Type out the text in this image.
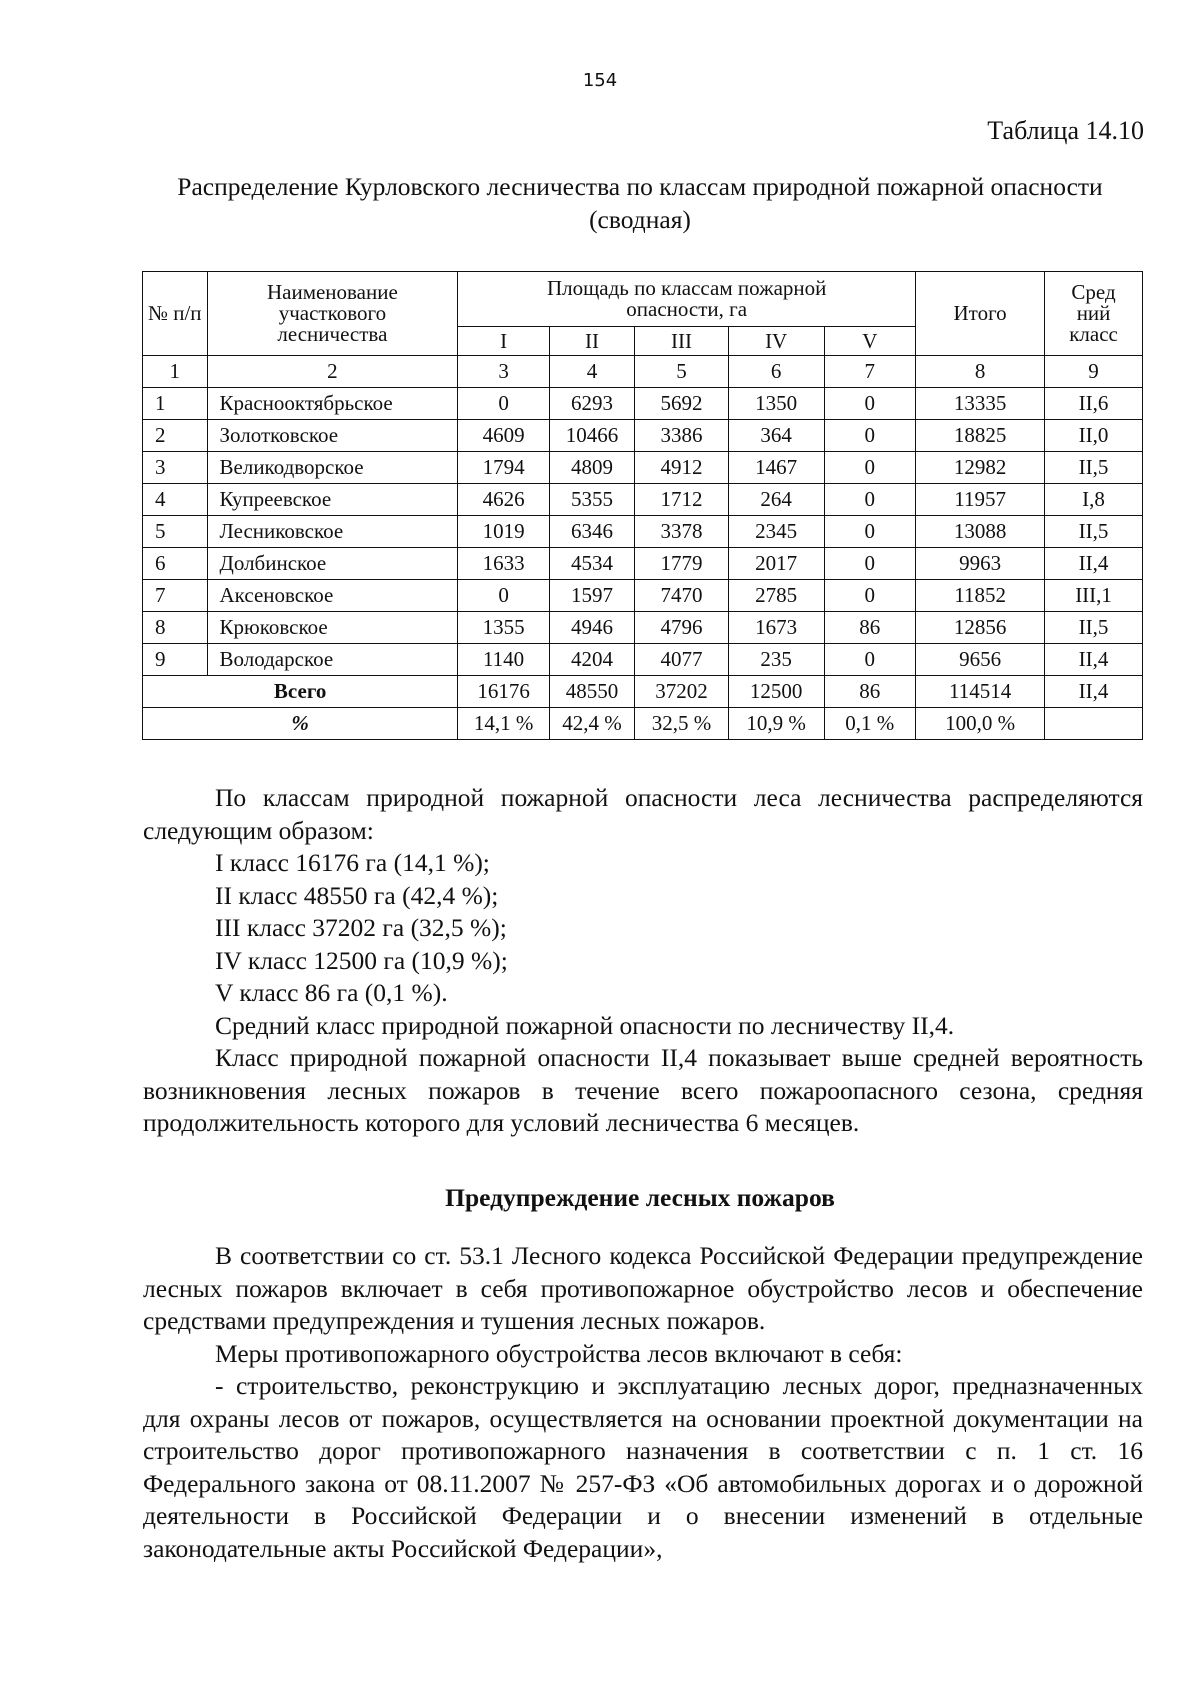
154
Таблица 14.10
Распределение Курловского лесничества по классам природной пожарной опасности (сводная)
№ п/п	Наименование участкового лесничества	Площадь по классам пожарной опасности, га					Итого	Сред ний класс
		I	II	III	IV	V		
1	2	3	4	5	6	7	8	9
1	Краснооктябрьское	0	6293	5692	1350	0	13335	II,6
2	Золотковское	4609	10466	3386	364	0	18825	II,0
3	Великодворское	1794	4809	4912	1467	0	12982	II,5
4	Купреевское	4626	5355	1712	264	0	11957	I,8
5	Лесниковское	1019	6346	3378	2345	0	13088	II,5
6	Долбинское	1633	4534	1779	2017	0	9963	II,4
7	Аксеновское	0	1597	7470	2785	0	11852	III,1
8	Крюковское	1355	4946	4796	1673	86	12856	II,5
9	Володарское	1140	4204	4077	235	0	9656	II,4
Всего		16176	48550	37202	12500	86	114514	II,4
%		14,1 %	42,4 %	32,5 %	10,9 %	0,1 %	100,0 %	

По классам природной пожарной опасности леса лесничества распределяются следующим образом:

I класс 16176 га (14,1 %);

II класс 48550 га (42,4 %);

III класс 37202 га (32,5 %);

IV класс 12500 га (10,9 %);

V класс 86 га (0,1 %).

Средний класс природной пожарной опасности по лесничеству II,4.

Класс природной пожарной опасности II,4 показывает выше средней вероятность возникновения лесных пожаров в течение всего пожароопасного сезона, средняя продолжительность которого для условий лесничества 6 месяцев.

Предупреждение лесных пожаров

В соответствии со ст. 53.1 Лесного кодекса Российской Федерации предупреждение лесных пожаров включает в себя противопожарное обустройство лесов и обеспечение средствами предупреждения и тушения лесных пожаров.

Меры противопожарного обустройства лесов включают в себя:

- строительство, реконструкцию и эксплуатацию лесных дорог, предназначенных для охраны лесов от пожаров, осуществляется на основании проектной документации на строительство дорог противопожарного назначения в соответствии с п. 1 ст. 16 Федерального закона от 08.11.2007 № 257-ФЗ «Об автомобильных дорогах и о дорожной деятельности в Российской Федерации и о внесении изменений в отдельные законодательные акты Российской Федерации»,
